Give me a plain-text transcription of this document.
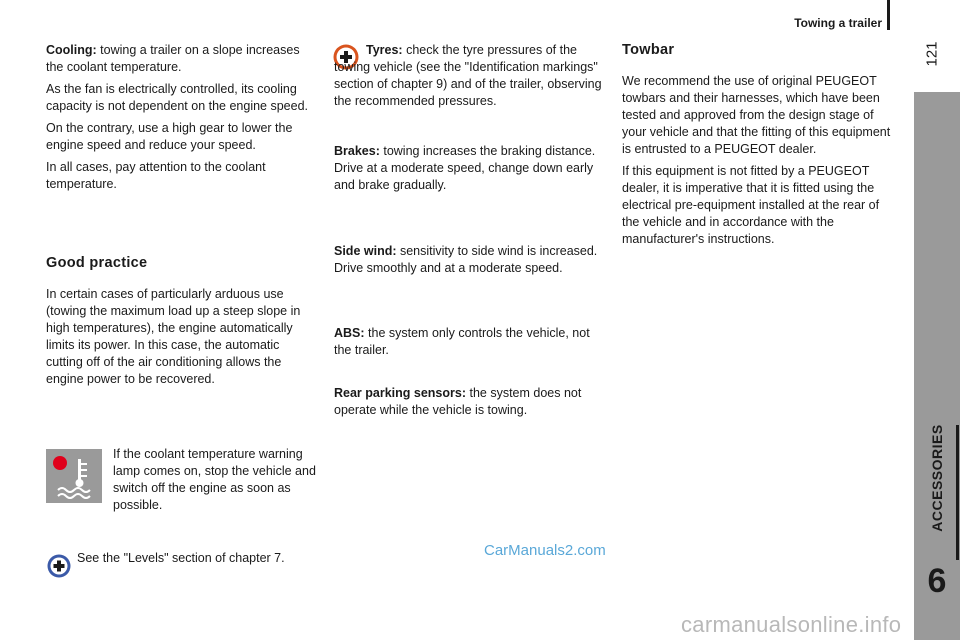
Towing a trailer
121
ACCESSORIES
6

Cooling: towing a trailer on a slope increases the coolant temperature.

As the fan is electrically controlled, its cooling capacity is not dependent on the engine speed.

On the contrary, use a high gear to lower the engine speed and reduce your speed.

In all cases, pay attention to the coolant temperature.

Good practice

In certain cases of particularly arduous use (towing the maximum load up a steep slope in high temperatures), the engine automatically limits its power. In this case, the automatic cutting off of the air conditioning allows the engine power to be recovered.

If the coolant temperature warning lamp comes on, stop the vehicle and switch off the engine as soon as possible.

See the "Levels" section of chapter 7.

Tyres: check the tyre pressures of the towing vehicle (see the "Identification markings" section of chapter 9) and of the trailer, observing the recommended pressures.

Brakes: towing increases the braking distance. Drive at a moderate speed, change down early and brake gradually.

Side wind: sensitivity to side wind is increased. Drive smoothly and at a moderate speed.

ABS: the system only controls the vehicle, not the trailer.

Rear parking sensors: the system does not operate while the vehicle is towing.

Towbar

We recommend the use of original PEUGEOT towbars and their harnesses, which have been tested and approved from the design stage of your vehicle and that the fitting of this equipment is entrusted to a PEUGEOT dealer.

If this equipment is not fitted by a PEUGEOT dealer, it is imperative that it is fitted using the electrical pre-equipment installed at the rear of the vehicle and in accordance with the manufacturer's instructions.

CarManuals2.com
carmanualsonline.info
